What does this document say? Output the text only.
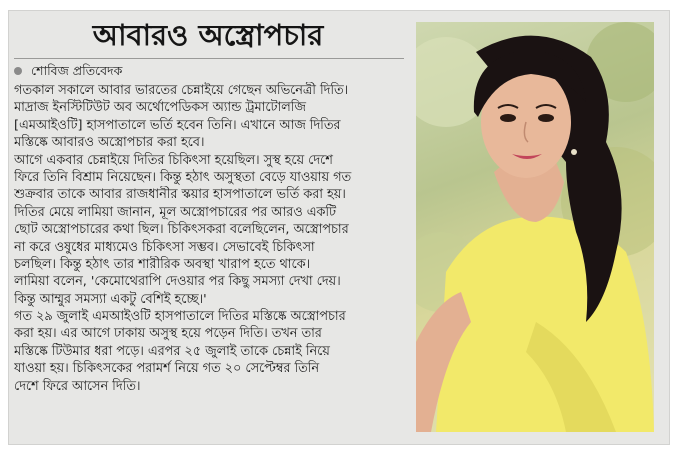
আবারও অস্ত্রোপচার
শোবিজ প্রতিবেদক
গতকাল সকালে আবার ভারতের চেন্নাইয়ে গেছেন অভিনেত্রী দিতি।
মাদ্রাজ ইনস্টিটিউট অব অর্থোপেডিকস অ্যান্ড ট্রমাটোলজি
[এমআইওটি] হাসপাতালে ভর্তি হবেন তিনি। এখানে আজ দিতির
মস্তিষ্কে আবারও অস্ত্রোপচার করা হবে।
আগে একবার চেন্নাইয়ে দিতির চিকিৎসা হয়েছিল। সুস্থ হয়ে দেশে
ফিরে তিনি বিশ্রাম নিয়েছেন। কিন্তু হঠাৎ অসুস্থতা বেড়ে যাওয়ায় গত
শুক্রবার তাকে আবার রাজধানীর স্কয়ার হাসপাতালে ভর্তি করা হয়।
দিতির মেয়ে লামিয়া জানান, মূল অস্ত্রোপচারের পর আরও একটি
ছোট অস্ত্রোপচারের কথা ছিল। চিকিৎসকরা বলেছিলেন, অস্ত্রোপচার
না করে ওষুধের মাধ্যমেও চিকিৎসা সম্ভব। সেভাবেই চিকিৎসা
চলছিল। কিন্তু হঠাৎ তার শারীরিক অবস্থা খারাপ হতে থাকে।
লামিয়া বলেন, 'কেমোথেরাপি দেওয়ার পর কিছু সমস্যা দেখা দেয়।
কিন্তু আম্মুর সমস্যা একটু বেশিই হচ্ছে।'
গত ২৯ জুলাই এমআইওটি হাসপাতালে দিতির মস্তিষ্কে অস্ত্রোপচার
করা হয়। এর আগে ঢাকায় অসুস্থ হয়ে পড়েন দিতি। তখন তার
মস্তিষ্কে টিউমার ধরা পড়ে। এরপর ২৫ জুলাই তাকে চেন্নাই নিয়ে
যাওয়া হয়। চিকিৎসকের পরামর্শ নিয়ে গত ২০ সেপ্টেম্বর তিনি
দেশে ফিরে আসেন দিতি।
